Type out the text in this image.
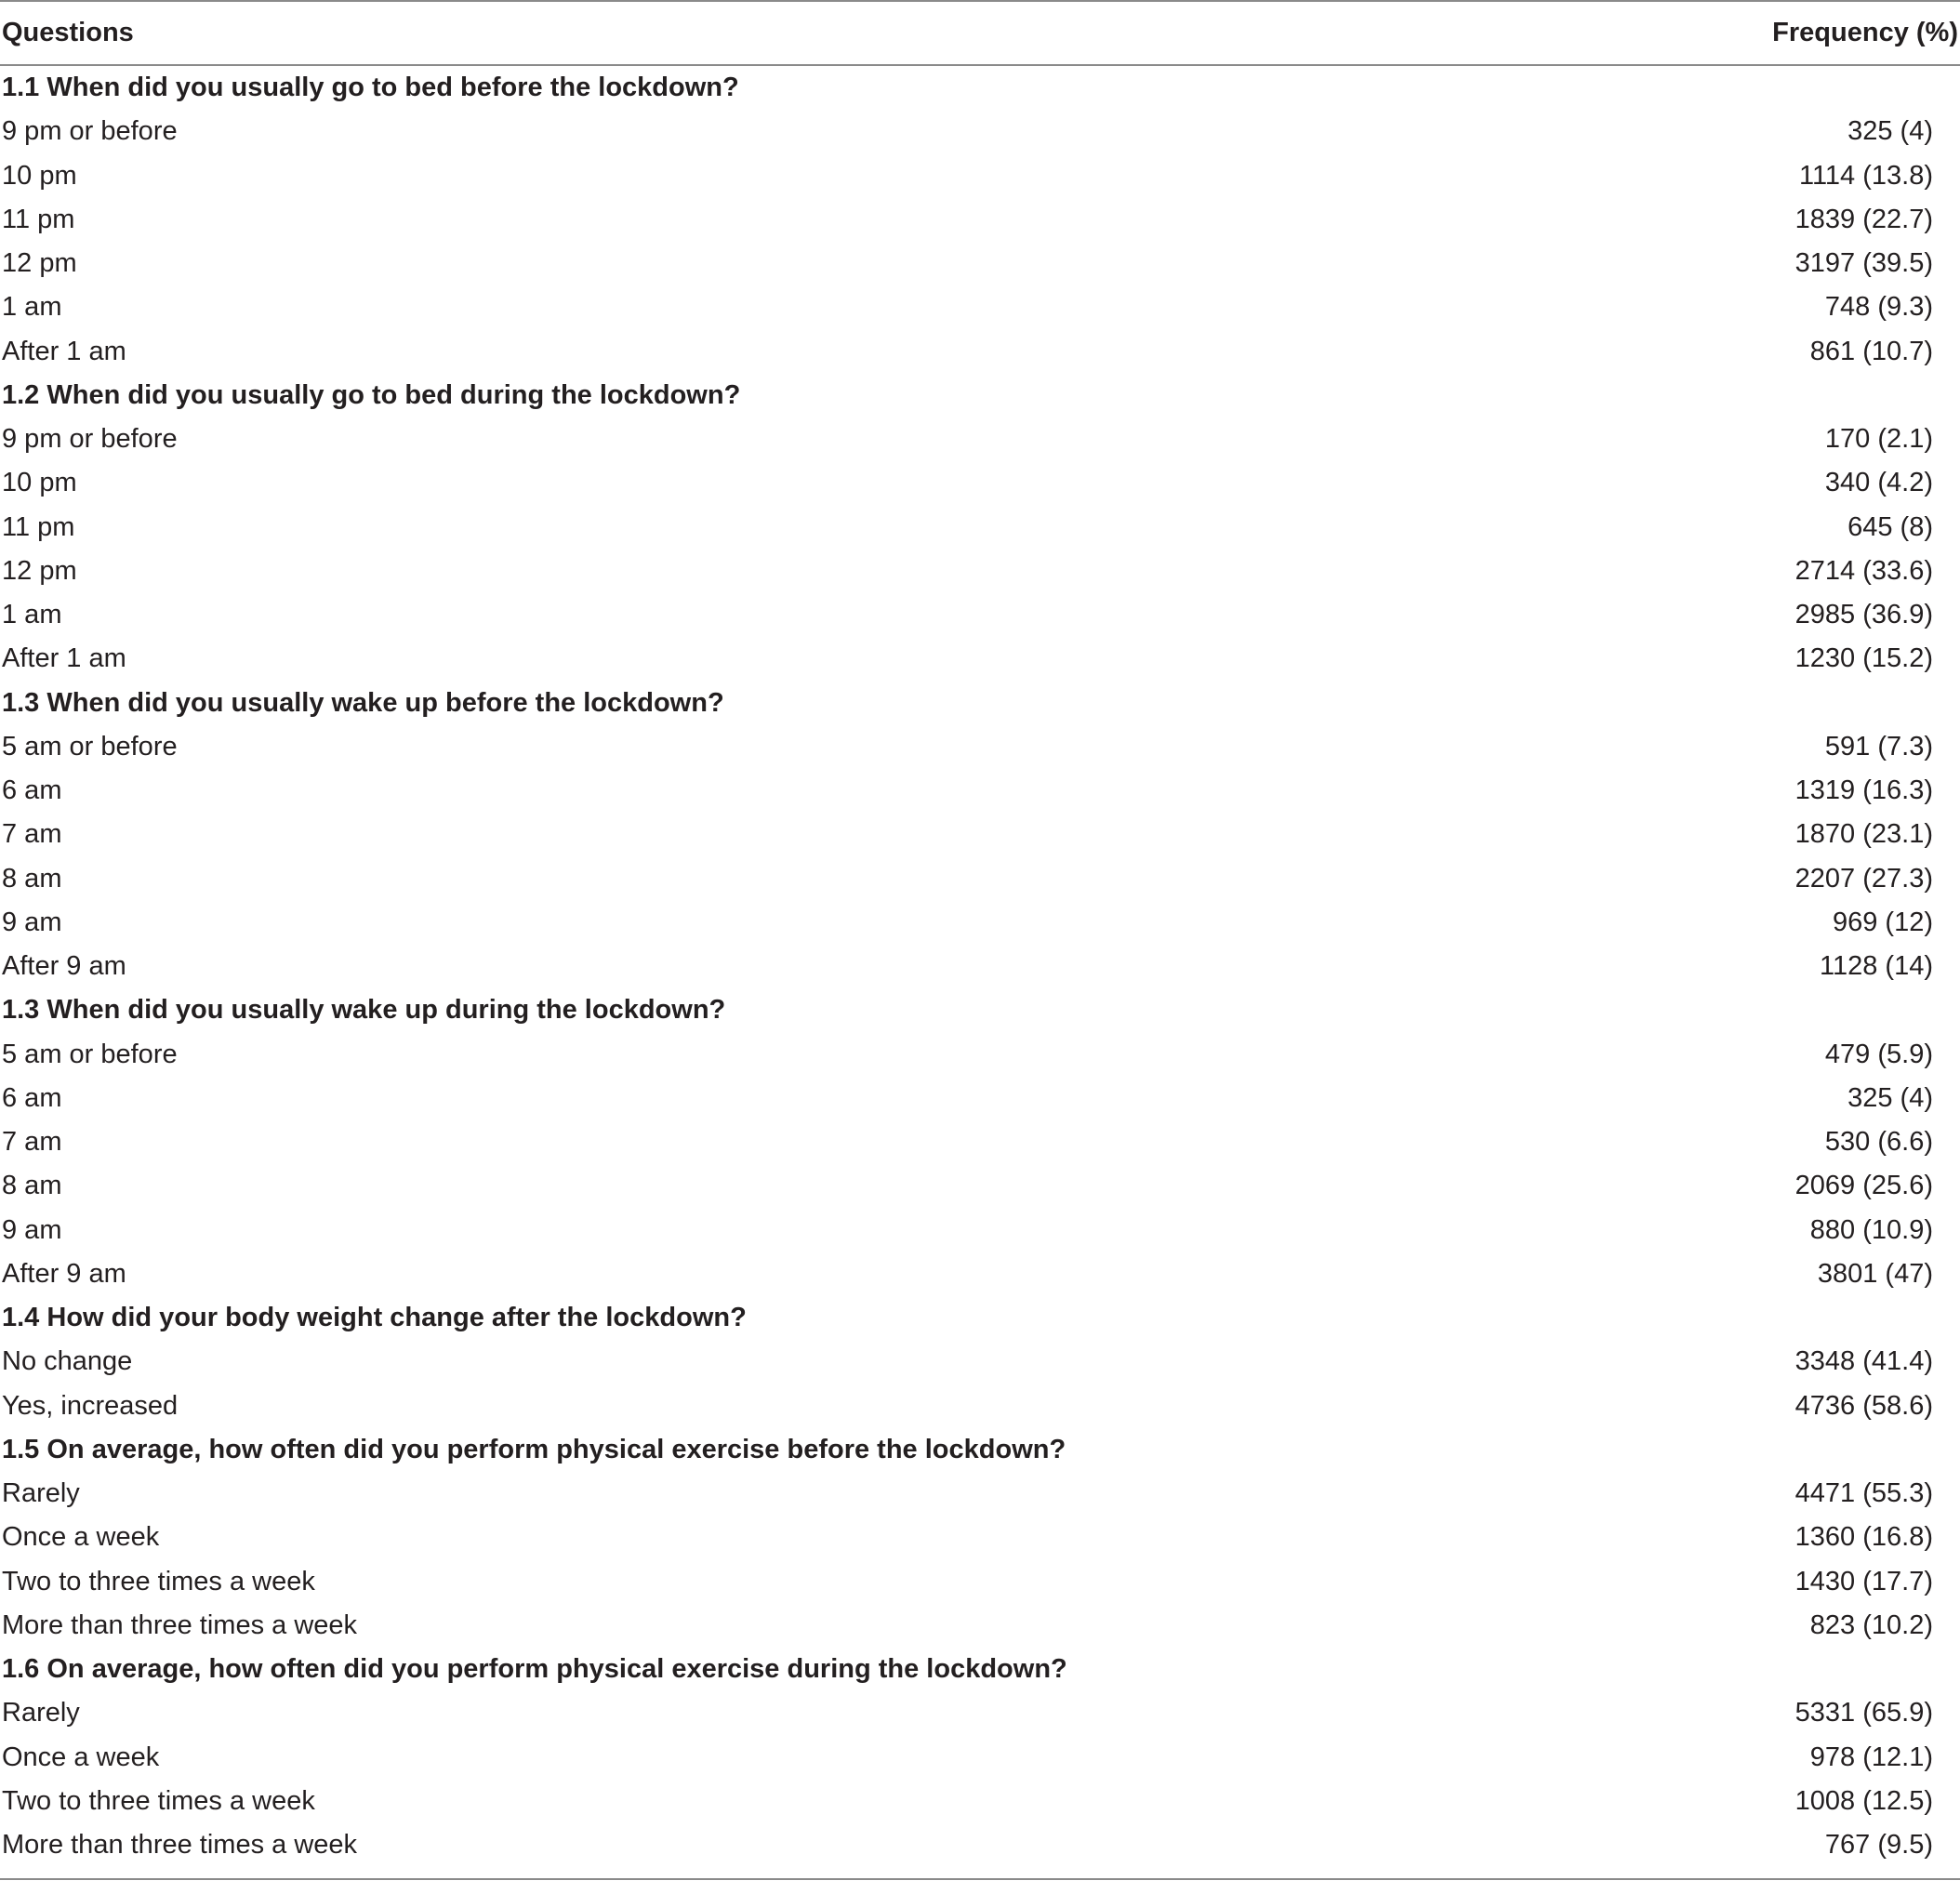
Questions	Frequency (%)
1.1 When did you usually go to bed before the lockdown?
9 pm or before	325 (4)
10 pm	1114 (13.8)
11 pm	1839 (22.7)
12 pm	3197 (39.5)
1 am	748 (9.3)
After 1 am	861 (10.7)
1.2 When did you usually go to bed during the lockdown?
9 pm or before	170 (2.1)
10 pm	340 (4.2)
11 pm	645 (8)
12 pm	2714 (33.6)
1 am	2985 (36.9)
After 1 am	1230 (15.2)
1.3 When did you usually wake up before the lockdown?
5 am or before	591 (7.3)
6 am	1319 (16.3)
7 am	1870 (23.1)
8 am	2207 (27.3)
9 am	969 (12)
After 9 am	1128 (14)
1.3 When did you usually wake up during the lockdown?
5 am or before	479 (5.9)
6 am	325 (4)
7 am	530 (6.6)
8 am	2069 (25.6)
9 am	880 (10.9)
After 9 am	3801 (47)
1.4 How did your body weight change after the lockdown?
No change	3348 (41.4)
Yes, increased	4736 (58.6)
1.5 On average, how often did you perform physical exercise before the lockdown?
Rarely	4471 (55.3)
Once a week	1360 (16.8)
Two to three times a week	1430 (17.7)
More than three times a week	823 (10.2)
1.6 On average, how often did you perform physical exercise during the lockdown?
Rarely	5331 (65.9)
Once a week	978 (12.1)
Two to three times a week	1008 (12.5)
More than three times a week	767 (9.5)
